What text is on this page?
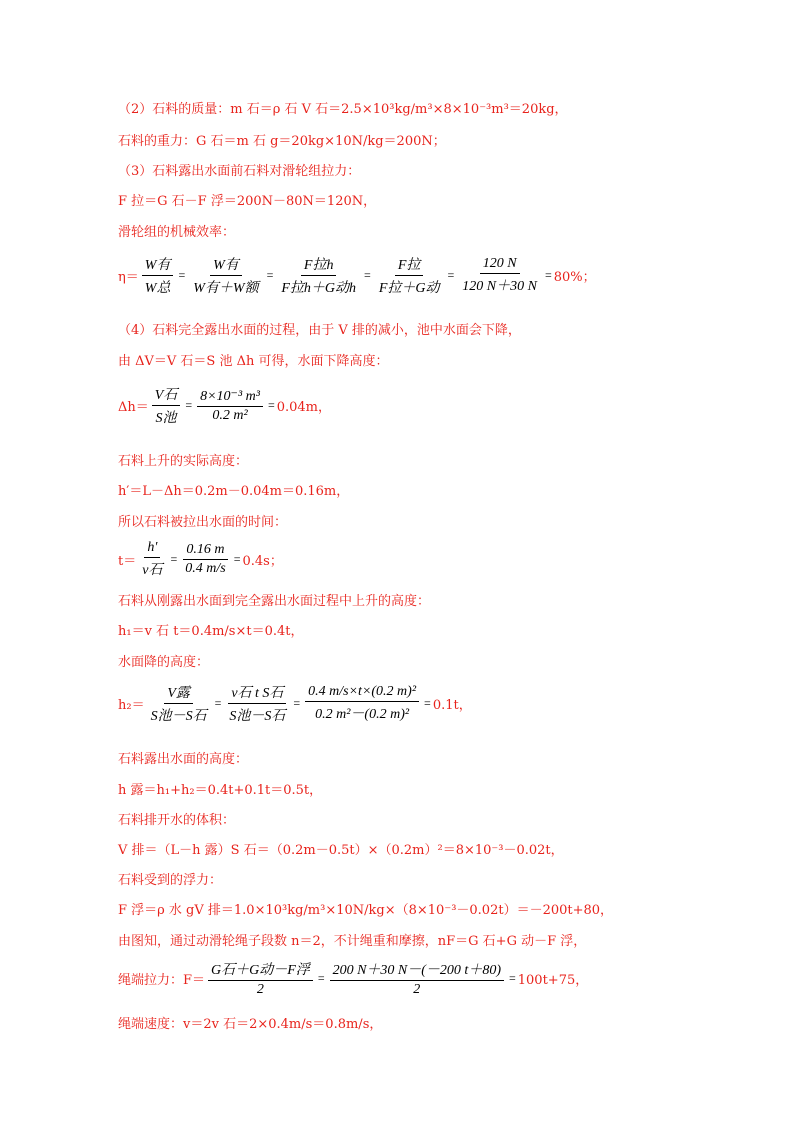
（2）石料的质量：m 石＝ρ 石 V 石＝2.5×10³kg/m³×8×10⁻³m³＝20kg，
石料的重力：G 石＝m 石 g＝20kg×10N/kg＝200N；
（3）石料露出水面前石料对滑轮组拉力：
F 拉＝G 石－F 浮＝200N－80N＝120N，
滑轮组的机械效率：
$\eta= \frac{\text{W有}}{\text{W总}} = \frac{\text{W有}}{\text{W有＋W额}} = \frac{\text{F拉h}}{\text{F拉h＋G动h}} = \frac{\text{F拉}}{\text{F拉＋G动}} = \frac{120 N}{120 N+30 N} = 80\%$；
（4）石料完全露出水面的过程，由于 V 排的减小，池中水面会下降，
由 ΔV＝V 石＝S 池 Δh 可得，水面下降高度：
$\Delta h= \frac{\text{V石}}{\text{S池}} = \frac{\text{8×10⁻³ m³}}{\text{0.2 m²}} = 0.04m$，
石料上升的实际高度：
h′＝L－Δh＝0.2m－0.04m＝0.16m，
所以石料被拉出水面的时间：
$t= \frac{h'}{\text{v石}} = \frac{0.16 m}{0.4 m/s} = 0.4s$；
石料从刚露出水面到完全露出水面过程中上升的高度：
h₁＝v 石 t＝0.4m/s×t＝0.4t，
水面降的高度：
$h_2= \frac{\text{V露}}{\text{S池－S石}} = \frac{\text{v石 t S石}}{\text{S池－S石}} = \frac{\text{0.4 m/s×t×(0.2 m)²}}{\text{0.2 m²－(0.2 m)²}} = 0.1t$，
石料露出水面的高度：
h 露＝h₁+h₂＝0.4t+0.1t＝0.5t，
石料排开水的体积：
V 排＝（L－h 露）S 石＝（0.2m－0.5t）×（0.2m）²＝8×10⁻³－0.02t，
石料受到的浮力：
F 浮＝ρ 水 gV 排＝1.0×10³kg/m³×10N/kg×（8×10⁻³－0.02t）＝－200t+80，
由图知，通过动滑轮绳子段数 n＝2，不计绳重和摩擦，nF＝G 石+G 动－F 浮，
绳端拉力：$F= \frac{\text{G石＋G动－F浮}}{2} = \frac{200 N+30 N-(-200 t+80)}{2} = 100t+75$，
绳端速度：v＝2v 石＝2×0.4m/s＝0.8m/s，
